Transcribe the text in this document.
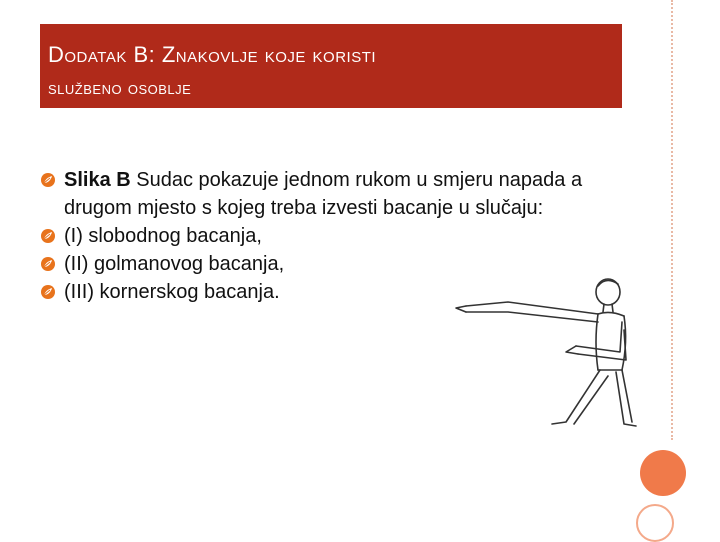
Dodatak B: Znakovlje koje koristi
službeno osoblje
Slika B Sudac pokazuje jednom rukom u smjeru napada a drugom mjesto s kojeg treba izvesti bacanje u slučaju:
(I) slobodnog bacanja,
(II) golmanovog bacanja,
(III) kornerskog bacanja.
